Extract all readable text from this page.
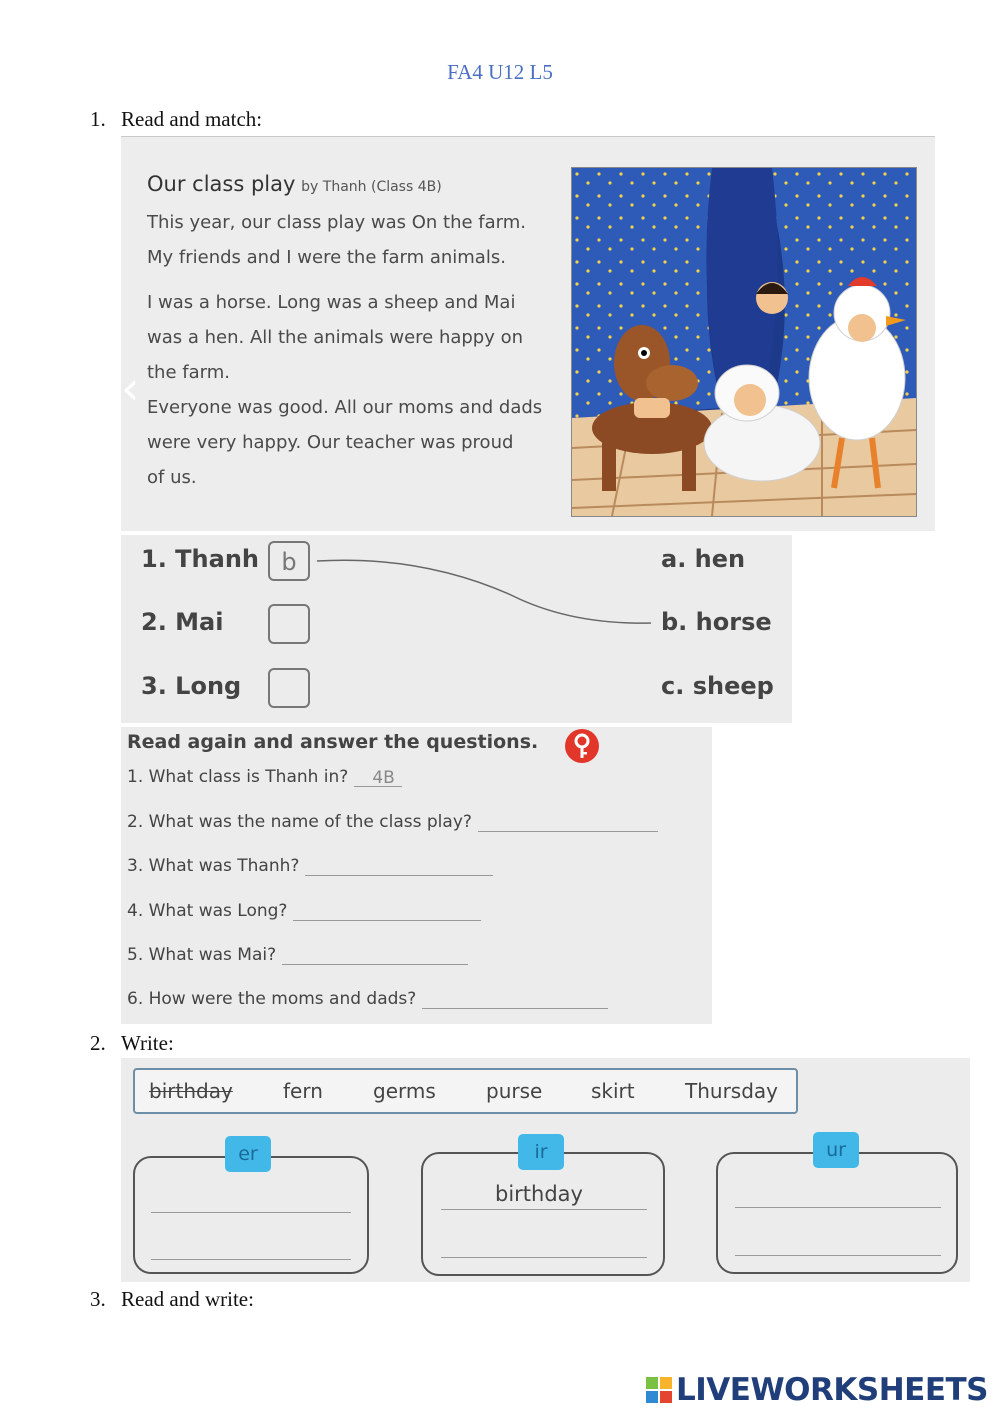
FA4 U12 L5
1. Read and match:

Our class play by Thanh (Class 4B)

This year, our class play was On the farm.

My friends and I were the farm animals.

I was a horse. Long was a sheep and Mai

was a hen. All the animals were happy on

the farm.

Everyone was good. All our moms and dads

were very happy. Our teacher was proud

of us.

‹
1. Thanh b
2. Mai
3. Long
a. hen
b. horse
c. sheep
Read again and answer the questions.
1. What class is Thanh in? 4B
2. What was the name of the class play?
3. What was Thanh?
4. What was Long?
5. What was Mai?
6. How were the moms and dads?
2. Write:
birthday	fern	germs	purse skirt	Thursday
er	ir
birthday
ur
3. Read and write:
LIVEWORKSHEETS
